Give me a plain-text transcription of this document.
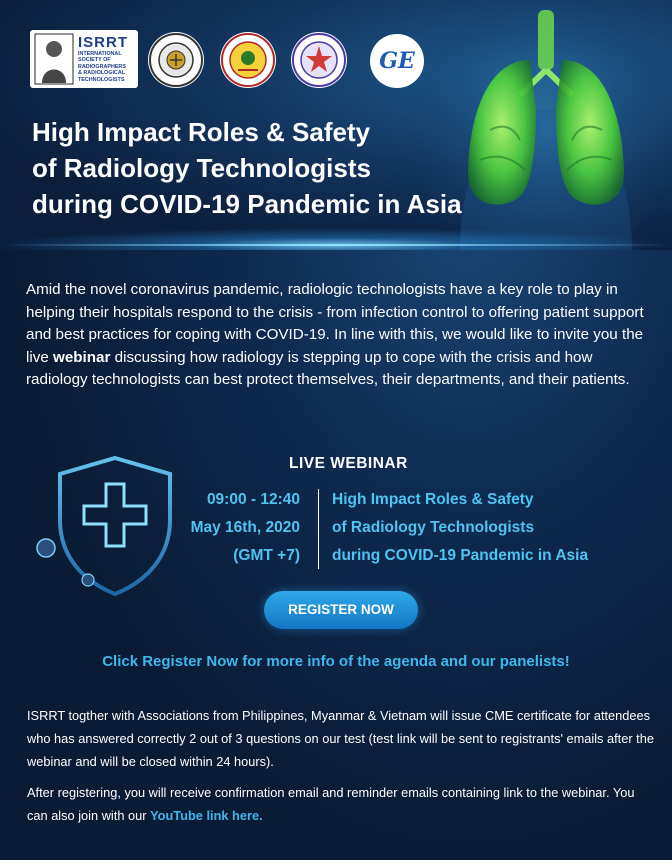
ISRRT
INTERNATIONAL
SOCIETY OF
RADIOGRAPHERS
& RADIOLOGICAL
TECHNOLOGISTS
GE
High Impact Roles & Safety
of Radiology Technologists
during COVID-19 Pandemic in Asia
Amid the novel coronavirus pandemic, radiologic technologists have a key role to play in helping their hospitals respond to the crisis - from infection control to offering patient support and best practices for coping with COVID-19. In line with this, we would like to invite you the live webinar discussing how radiology is stepping up to cope with the crisis and how radiology technologists can best protect themselves, their departments, and their patients.
LIVE WEBINAR
09:00 - 12:40
May 16th, 2020
(GMT +7)
High Impact Roles & Safety
of Radiology Technologists
during COVID-19 Pandemic in Asia
REGISTER NOW
Click Register Now for more info of the agenda and our panelists!
ISRRT togther with Associations from Philippines, Myanmar & Vietnam will issue CME certificate for attendees who has answered correctly 2 out of 3 questions on our test (test link will be sent to registrants' emails after the webinar and will be closed within 24 hours).
After registering, you will receive confirmation email and reminder emails containing link to the webinar. You can also join with our YouTube link here.
